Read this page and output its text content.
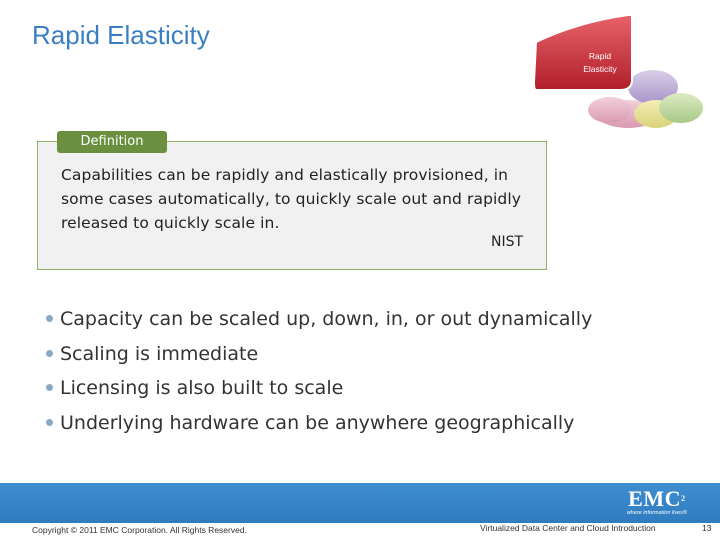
Rapid Elasticity
Rapid
Elasticity
Definition
Capabilities can be rapidly and elastically provisioned, in some cases automatically, to quickly scale out and rapidly released to quickly scale in.
NIST
Capacity can be scaled up, down, in, or out dynamically
Scaling is immediate
Licensing is also built to scale
Underlying hardware can be anywhere geographically
EMC$^2$
where information lives®
Copyright © 2011 EMC Corporation. All Rights Reserved.	Virtualized Data Center and Cloud Introduction	13
